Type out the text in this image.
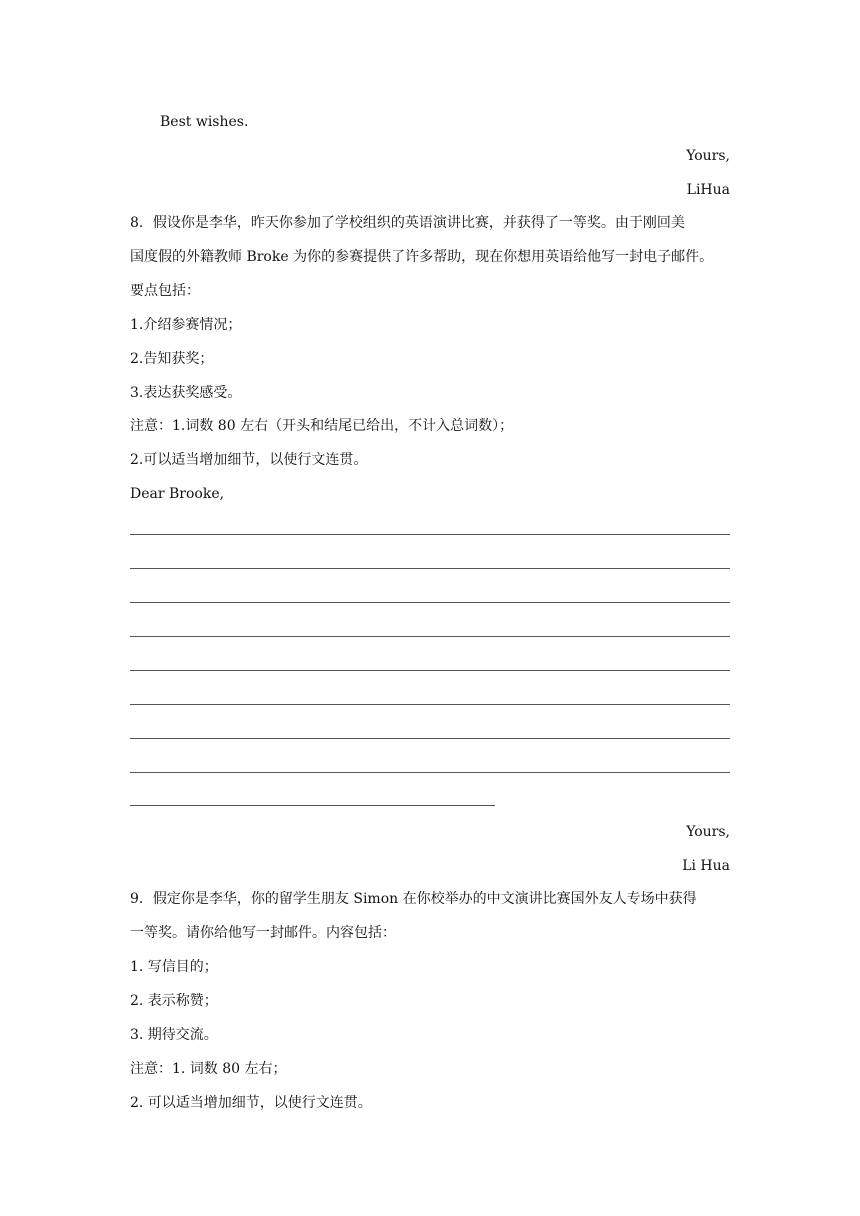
Best wishes.
Yours,
LiHua
8．假设你是李华，昨天你参加了学校组织的英语演讲比赛，并获得了一等奖。由于刚回美
国度假的外籍教师 Broke 为你的参赛提供了许多帮助，现在你想用英语给他写一封电子邮件。
要点包括：
1.介绍参赛情况；
2.告知获奖；
3.表达获奖感受。
注意：1.词数 80 左右（开头和结尾已给出，不计入总词数）；
2.可以适当增加细节，以使行文连贯。
Dear Brooke,
Yours,
Li Hua
9．假定你是李华，你的留学生朋友 Simon 在你校举办的中文演讲比赛国外友人专场中获得
一等奖。请你给他写一封邮件。内容包括：
1. 写信目的；
2. 表示称赞；
3. 期待交流。
注意：1. 词数 80 左右；
2. 可以适当增加细节，以使行文连贯。
